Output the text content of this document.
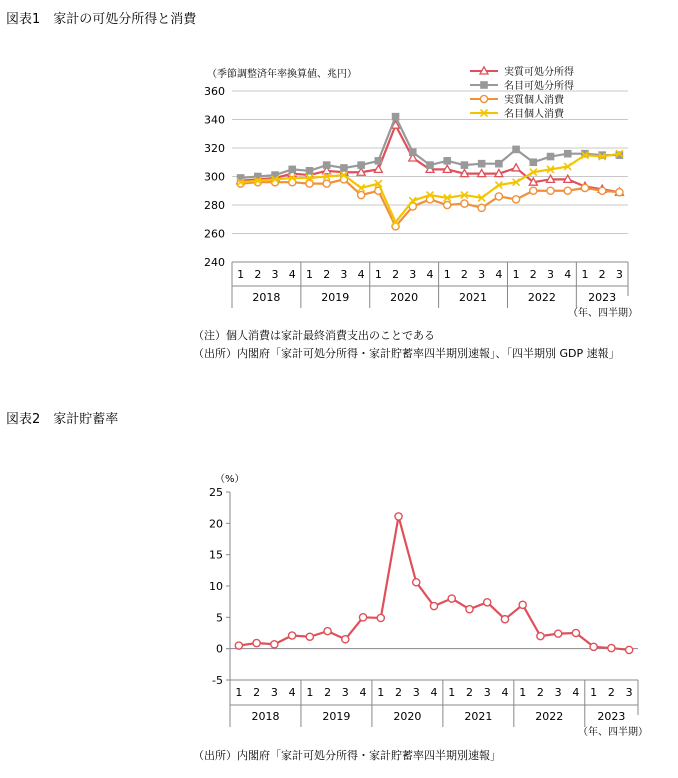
図表1　家計の可処分所得と消費
（季節調整済年率換算値、兆円）
240
260
280
300
320
340
360
1 2 3 4 1 2 3 4 1 2 3 4 1 2 3 4 1 2 3 4 1 2 3
2018	2019	2020	2021	2022	2023
（年、四半期）
実質可処分所得
名目可処分所得
実質個人消費
名目個人消費
（注）個人消費は家計最終消費支出のことである
（出所）内閣府「家計可処分所得・家計貯蓄率四半期別速報」、「四半期別 GDP 速報」
図表2　家計貯蓄率
（%）
-5
0
5
10
15
20
25
1 2 3 4 1 2 3 4 1 2 3 4 1 2 3 4 1 2 3 4 1 2 3
2018	2019	2020	2021	2022	2023
（年、四半期）
（出所）内閣府「家計可処分所得・家計貯蓄率四半期別速報」
